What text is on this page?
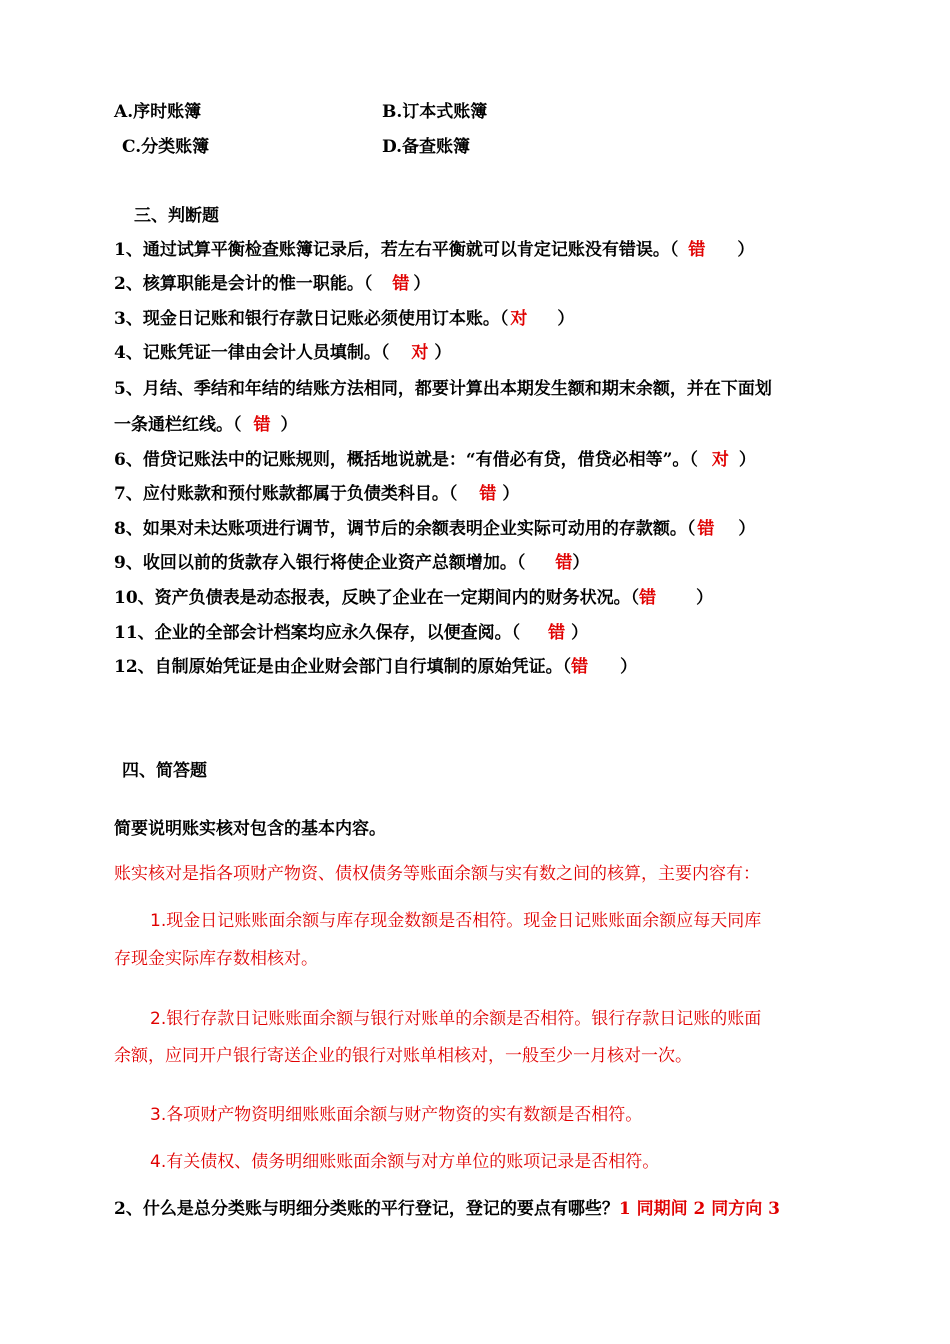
A.序时账簿	B.订本式账簿
C.分类账簿	D.备查账簿
三、判断题
1、通过试算平衡检查账簿记录后，若左右平衡就可以肯定记账没有错误。（ 错 ）
2、核算职能是会计的惟一职能。（ 错 ）
3、现金日记账和银行存款日记账必须使用订本账。（ 对 ）
4、记账凭证一律由会计人员填制。（ 对 ）
5、月结、季结和年结的结账方法相同，都要计算出本期发生额和期末余额，并在下面划
一条通栏红线。（ 错 ）
6、借贷记账法中的记账规则，概括地说就是：“有借必有贷，借贷必相等”。（ 对 ）
7、应付账款和预付账款都属于负债类科目。（ 错 ）
8、如果对未达账项进行调节，调节后的余额表明企业实际可动用的存款额。（ 错 ）
9、收回以前的货款存入银行将使企业资产总额增加。（ 错）
10、资产负债表是动态报表，反映了企业在一定期间内的财务状况。（错 ）
11、企业的全部会计档案均应永久保存，以便查阅。（ 错 ）
12、自制原始凭证是由企业财会部门自行填制的原始凭证。（错 ）
四、简答题
简要说明账实核对包含的基本内容。
账实核对是指各项财产物资、债权债务等账面余额与实有数之间的核算，主要内容有：
1.现金日记账账面余额与库存现金数额是否相符。现金日记账账面余额应每天同库
存现金实际库存数相核对。
2.银行存款日记账账面余额与银行对账单的余额是否相符。银行存款日记账的账面
余额，应同开户银行寄送企业的银行对账单相核对，一般至少一月核对一次。
3.各项财产物资明细账账面余额与财产物资的实有数额是否相符。
4.有关债权、债务明细账账面余额与对方单位的账项记录是否相符。
2、什么是总分类账与明细分类账的平行登记，登记的要点有哪些？1 同期间 2 同方向 3
